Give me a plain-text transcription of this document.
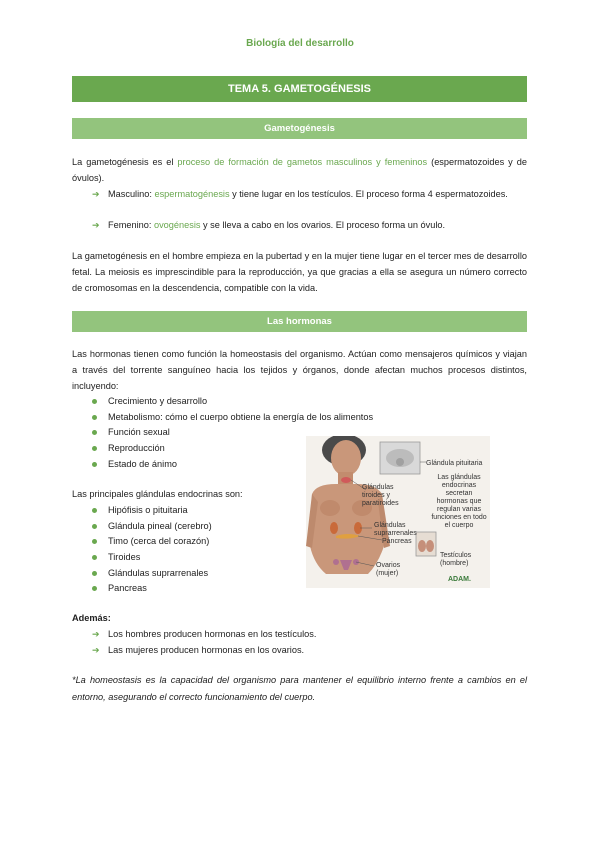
Biología del desarrollo
TEMA 5. GAMETOGÉNESIS
Gametogénesis
La gametogénesis es el proceso de formación de gametos masculinos y femeninos (espermatozoides y de óvulos).
➔ Masculino: espermatogénesis y tiene lugar en los testículos. El proceso forma 4 espermatozoides.
➔ Femenino: ovogénesis y se lleva a cabo en los ovarios. El proceso forma un óvulo.
La gametogénesis en el hombre empieza en la pubertad y en la mujer tiene lugar en el tercer mes de desarrollo fetal. La meiosis es imprescindible para la reproducción, ya que gracias a ella se asegura un número correcto de cromosomas en la descendencia, compatible con la vida.
Las hormonas
Las hormonas tienen como función la homeostasis del organismo. Actúan como mensajeros químicos y viajan a través del torrente sanguíneo hacia los tejidos y órganos, donde afectan muchos procesos distintos, incluyendo:
Crecimiento y desarrollo
Metabolismo: cómo el cuerpo obtiene la energía de los alimentos
Función sexual
Reproducción
Estado de ánimo
Las principales glándulas endocrinas son:
Hipófisis o pituitaria
Glándula pineal (cerebro)
Timo (cerca del corazón)
Tiroides
Glándulas suprarrenales
Pancreas
Glándula pituitaria
Las glándulas endocrinas secretan hormonas que regulan varias funciones en todo el cuerpo
Glándulas tiroides y paratiroides
Glándulas suprarrenales
Páncreas
Testículos (hombre)
Ovarios (mujer)
ADAM.
Además:
➔ Los hombres producen hormonas en los testículos.
➔ Las mujeres producen hormonas en los ovarios.
*La homeostasis es la capacidad del organismo para mantener el equilibrio interno frente a cambios en el entorno, asegurando el correcto funcionamiento del cuerpo.
